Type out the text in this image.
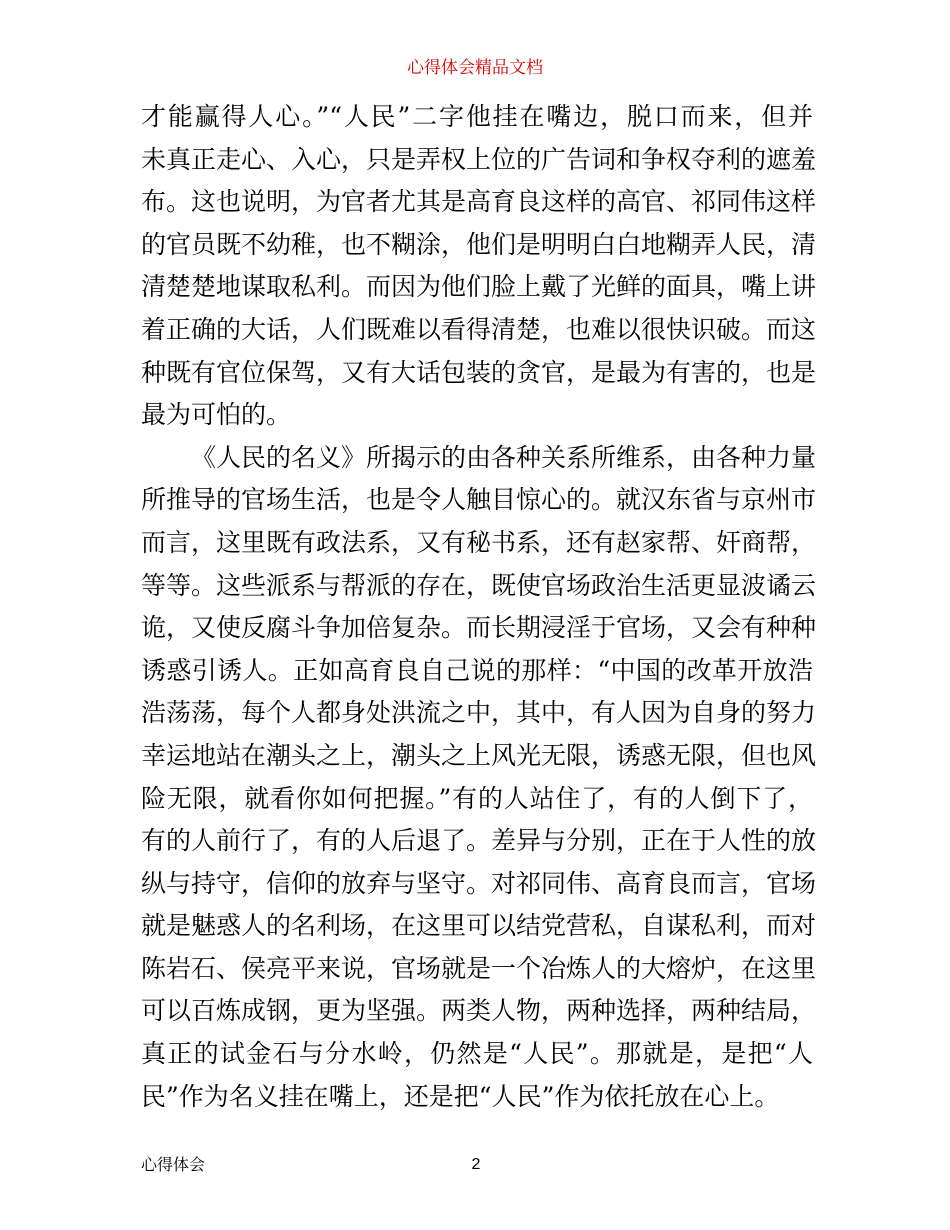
心得体会精品文档
才能赢得人心。”“人民”二字他挂在嘴边，脱口而来，但并
未真正走心、入心，只是弄权上位的广告词和争权夺利的遮羞
布。这也说明，为官者尤其是高育良这样的高官、祁同伟这样
的官员既不幼稚，也不糊涂，他们是明明白白地糊弄人民，清
清楚楚地谋取私利。而因为他们脸上戴了光鲜的面具，嘴上讲
着正确的大话，人们既难以看得清楚，也难以很快识破。而这
种既有官位保驾，又有大话包装的贪官，是最为有害的，也是
最为可怕的。
《人民的名义》所揭示的由各种关系所维系，由各种力量
所推导的官场生活，也是令人触目惊心的。就汉东省与京州市
而言，这里既有政法系，又有秘书系，还有赵家帮、奸商帮，
等等。这些派系与帮派的存在，既使官场政治生活更显波谲云
诡，又使反腐斗争加倍复杂。而长期浸淫于官场，又会有种种
诱惑引诱人。正如高育良自己说的那样：“中国的改革开放浩
浩荡荡，每个人都身处洪流之中，其中，有人因为自身的努力
幸运地站在潮头之上，潮头之上风光无限，诱惑无限，但也风
险无限，就看你如何把握。”有的人站住了，有的人倒下了，
有的人前行了，有的人后退了。差异与分别，正在于人性的放
纵与持守，信仰的放弃与坚守。对祁同伟、高育良而言，官场
就是魅惑人的名利场，在这里可以结党营私，自谋私利，而对
陈岩石、侯亮平来说，官场就是一个冶炼人的大熔炉，在这里
可以百炼成钢，更为坚强。两类人物，两种选择，两种结局，
真正的试金石与分水岭，仍然是“人民”。那就是，是把“人
民”作为名义挂在嘴上，还是把“人民”作为依托放在心上。
心得体会	2
